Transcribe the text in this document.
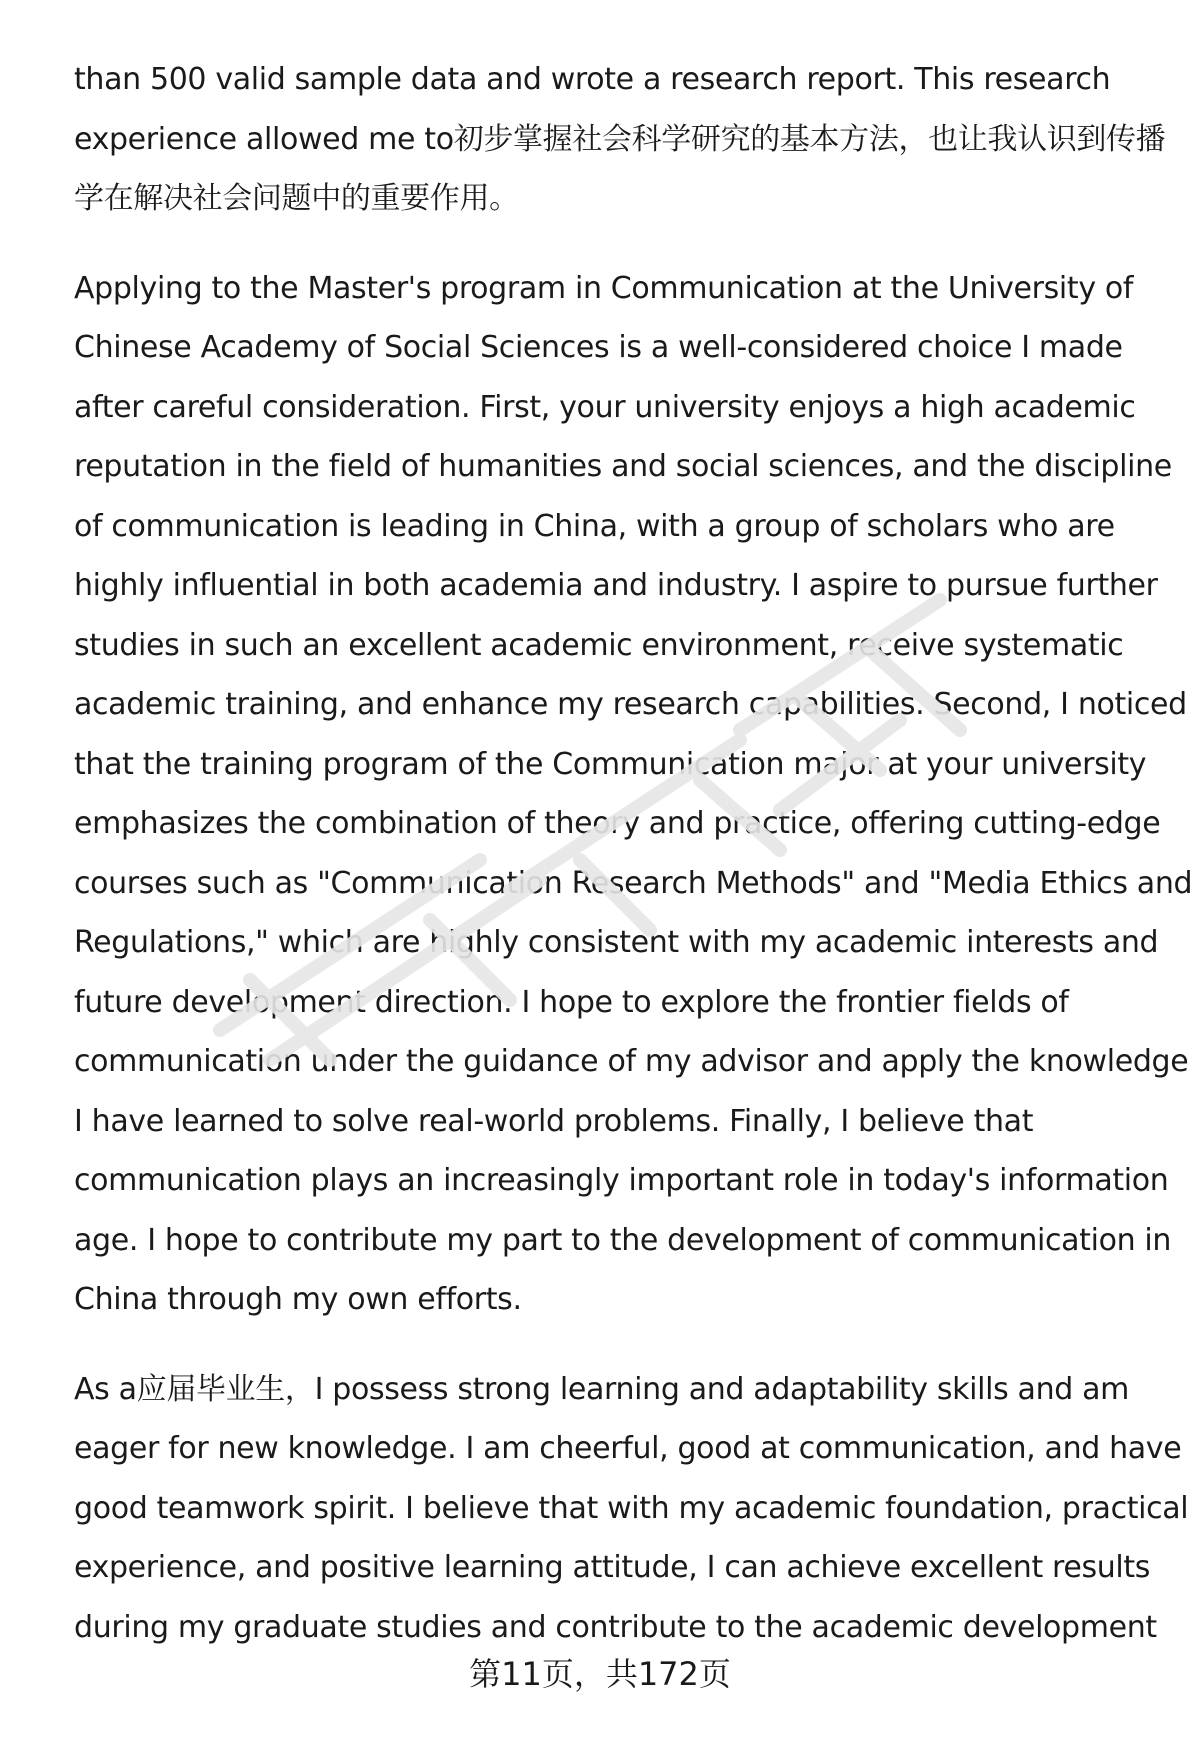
than 500 valid sample data and wrote a research report. This research
experience allowed me to初步掌握社会科学研究的基本方法，也让我认识到传播
学在解决社会问题中的重要作用。
Applying to the Master's program in Communication at the University of
Chinese Academy of Social Sciences is a well-considered choice I made
after careful consideration. First, your university enjoys a high academic
reputation in the field of humanities and social sciences, and the discipline
of communication is leading in China, with a group of scholars who are
highly influential in both academia and industry. I aspire to pursue further
studies in such an excellent academic environment, receive systematic
academic training, and enhance my research capabilities. Second, I noticed
that the training program of the Communication major at your university
emphasizes the combination of theory and practice, offering cutting-edge
courses such as "Communication Research Methods" and "Media Ethics and
Regulations," which are highly consistent with my academic interests and
future development direction. I hope to explore the frontier fields of
communication under the guidance of my advisor and apply the knowledge
I have learned to solve real-world problems. Finally, I believe that
communication plays an increasingly important role in today's information
age. I hope to contribute my part to the development of communication in
China through my own efforts.
As a应届毕业生，I possess strong learning and adaptability skills and am
eager for new knowledge. I am cheerful, good at communication, and have
good teamwork spirit. I believe that with my academic foundation, practical
experience, and positive learning attitude, I can achieve excellent results
during my graduate studies and contribute to the academic development
第11页，共172页
